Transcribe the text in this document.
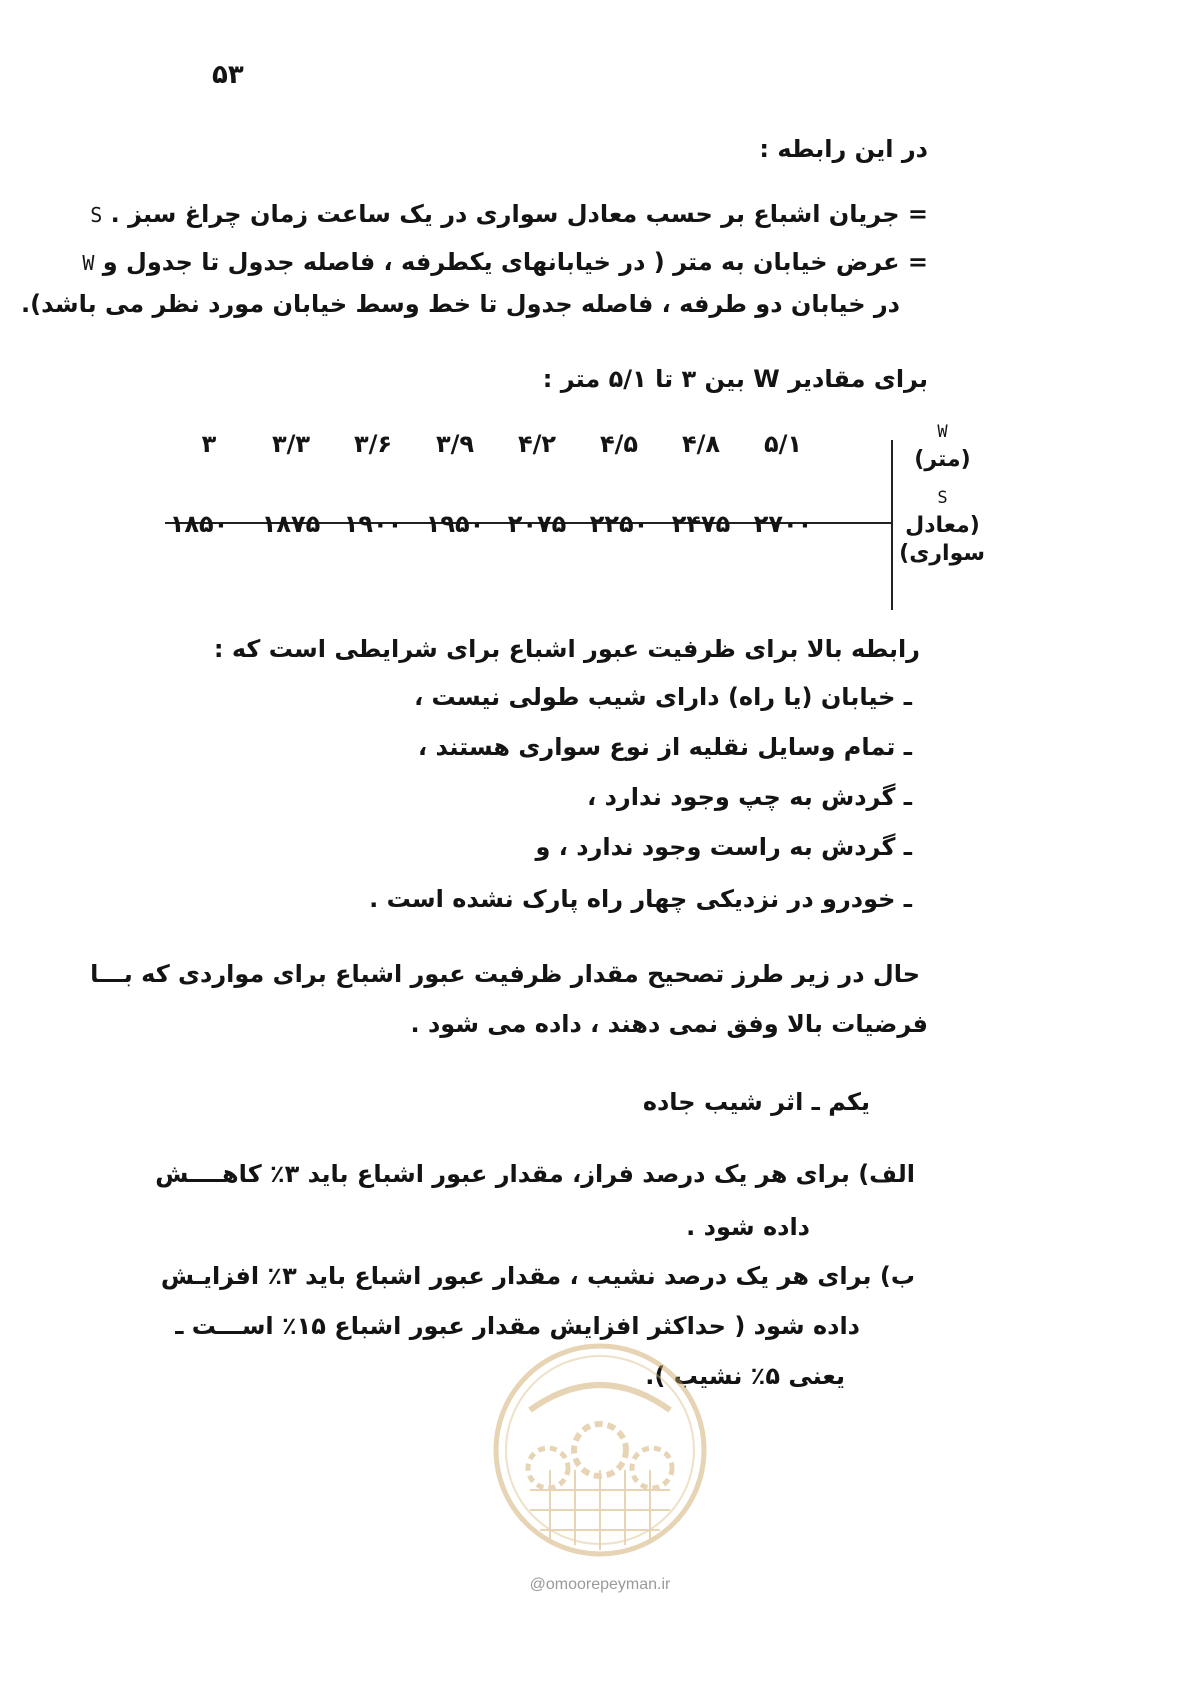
۵۳
در این رابطه :
= جریان اشباع بر حسب معادل سواری در یک ساعت زمان چراغ سبز . S
= عرض خیابان به متر ( در خیابانهای یکطرفه ، فاصله جدول تا جدول و W
در خیابان دو طرفه ، فاصله جدول تا خط وسط خیابان مورد نظر می باشد).
برای مقادیر W بین ۳ تا ۵/۱ متر :
W
(متر)
S
(معادل سواری)
۵/۱
۴/۸
۴/۵
۴/۲
۳/۹
۳/۶
۳/۳
۳
۲۷۰۰
۲۴۷۵
۲۲۵۰
۲۰۷۵
۱۹۵۰
۱۹۰۰
۱۸۷۵
۱۸۵۰
رابطه بالا برای ظرفیت عبور اشباع برای شرایطی است که :
ـ خیابان (یا راه) دارای شیب طولی نیست ،
ـ تمام وسایل نقلیه از نوع سواری هستند ،
ـ گردش به چپ وجود ندارد ،
ـ گردش به راست وجود ندارد ، و
ـ خودرو در نزدیکی چهار راه پارک نشده است .
حال در زیر طرز تصحیح مقدار ظرفیت عبور اشباع برای مواردی که بـــا
فرضیات بالا وفق نمی دهند ، داده می شود .
یکم ـ اثر شیب جاده
الف) برای هر یک درصد فراز، مقدار عبور اشباع باید ۳٪ کاهــــش
داده شود .
ب) برای هر یک درصد نشیب ، مقدار عبور اشباع باید ۳٪ افزایـش
داده شود ( حداکثر افزایش مقدار عبور اشباع ۱۵٪ اســـت ـ
یعنی ۵٪ نشیب ).
@omoorepeyman.ir
